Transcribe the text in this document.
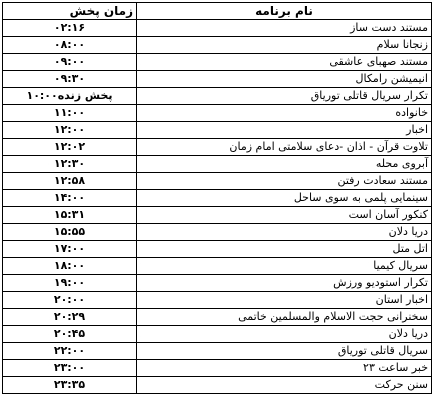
نام برنامه	زمان پخش
مستند دست ساز	۰۲:۱۶
زنجانا سلام	۰۸:۰۰
مستند صهبای عاشقی	۰۹:۰۰
انیمیشن رامکال	۰۹:۳۰
تکرار سریال قاتلی توریاق	۱۰:۰۰پخش زنده
خانواده	۱۱:۰۰
اخبار	۱۲:۰۰
تلاوت قرآن - اذان -دعای سلامتی امام زمان	۱۲:۰۲
آبروی محله	۱۲:۳۰
مستند سعادت رفتن	۱۲:۵۸
سینمایی پلمی به سوی ساحل	۱۴:۰۰
کنکور آسان است	۱۵:۳۱
دریا دلان	۱۵:۵۵
اتل متل	۱۷:۰۰
سریال کیمیا	۱۸:۰۰
تکرار استودیو ورزش	۱۹:۰۰
اخبار استان	۲۰:۰۰
سخنرانی حجت الاسلام والمسلمین خاتمی	۲۰:۲۹
دریا دلان	۲۰:۴۵
سریال قاتلی توریاق	۲۲:۰۰
خبر ساعت ۲۳	۲۳:۰۰
سنن حرکت	۲۳:۳۵
